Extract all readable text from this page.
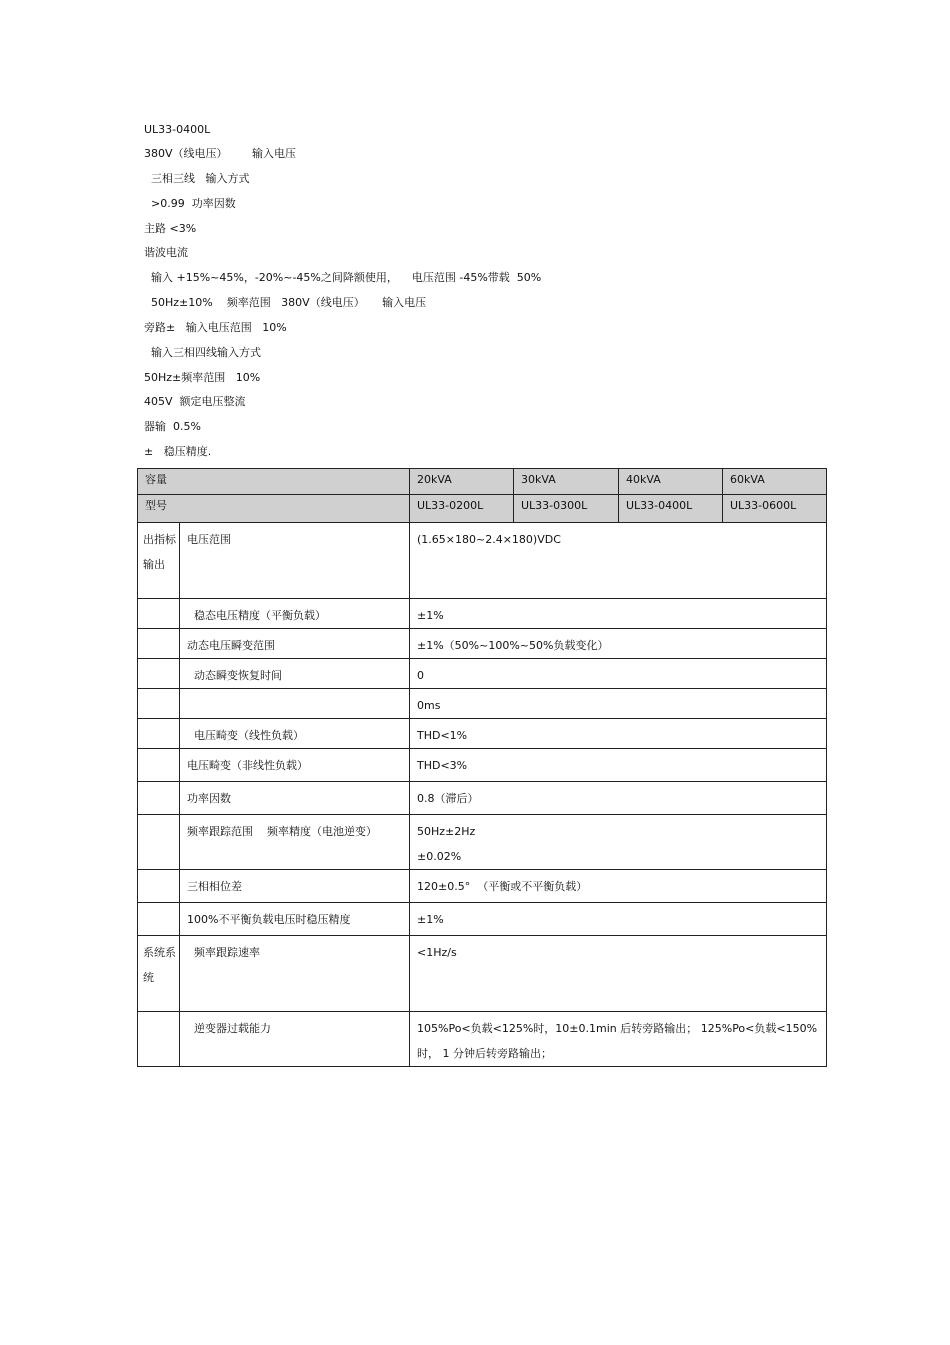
UL33-0400L
380V（线电压）       输入电压
三相三线   输入方式
>0.99  功率因数
主路 <3%
谐波电流
输入 +15%~45%，-20%~-45%之间降额使用，    电压范围 -45%带载  50%
50Hz±10%    频率范围   380V（线电压）     输入电压
旁路±   输入电压范围   10%
输入三相四线输入方式
50Hz±频率范围   10%
405V  额定电压整流
器输  0.5%
±   稳压精度.
容量		20kVA	30kVA	40kVA	60kVA
型号		UL33-0200L	UL33-0300L	UL33-0400L	UL33-0600L
出指标输出	电压范围	(1.65×180~2.4×180)VDC			
	稳态电压精度（平衡负载）	±1%			
	动态电压瞬变范围	±1%（50%~100%~50%负载变化）			
	动态瞬变恢复时间	0			
		0ms			
	电压畸变（线性负载）	THD<1%			
	电压畸变（非线性负载）	THD<3%			
	功率因数	0.8（滞后）			
	频率跟踪范围    频率精度（电池逆变）	50Hz±2Hz
±0.02%			
	三相相位差	120±0.5°  （平衡或不平衡负载）			
	100%不平衡负载电压时稳压精度	±1%			
系统系统	频率跟踪速率	<1Hz/s			
	逆变器过载能力	105%Po<负载<125%时，10±0.1min 后转旁路输出； 125%Po<负载<150%时， 1 分钟后转旁路输出；			
